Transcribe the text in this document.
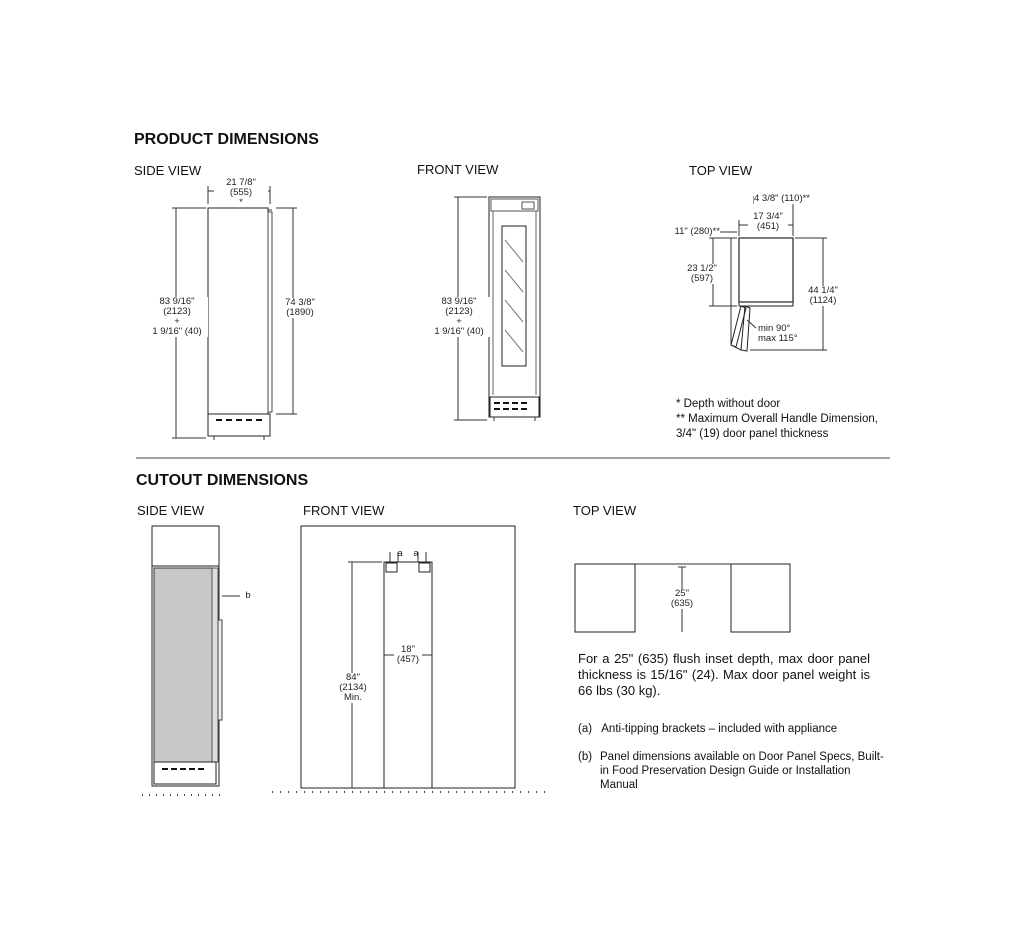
PRODUCT DIMENSIONS
SIDE VIEW	FRONT VIEW	TOP VIEW
21 7/8"
(555)
*
83 9/16"
(2123)
+
1 9/16" (40)
74 3/8"
(1890)
83 9/16"
(2123)
+
1 9/16" (40)
4 3/8" (110)**
17 3/4"
(451)
11" (280)**
23 1/2"
(597)
44 1/4"
(1124)
min 90°
max 115°
* Depth without door
** Maximum Overall Handle Dimension,
3/4" (19) door panel thickness
CUTOUT DIMENSIONS
SIDE VIEW	FRONT VIEW	TOP VIEW
b
a a
18"
(457)
84"
(2134)
Min.
25"
(635)
For a 25" (635) flush inset depth, max door panel thickness is 15/16" (24). Max door panel weight is 66 lbs (30 kg).
(a) Anti-tipping brackets – included with appliance
(b) Panel dimensions available on Door Panel Specs, Built-in Food Preservation Design Guide or Installation Manual
